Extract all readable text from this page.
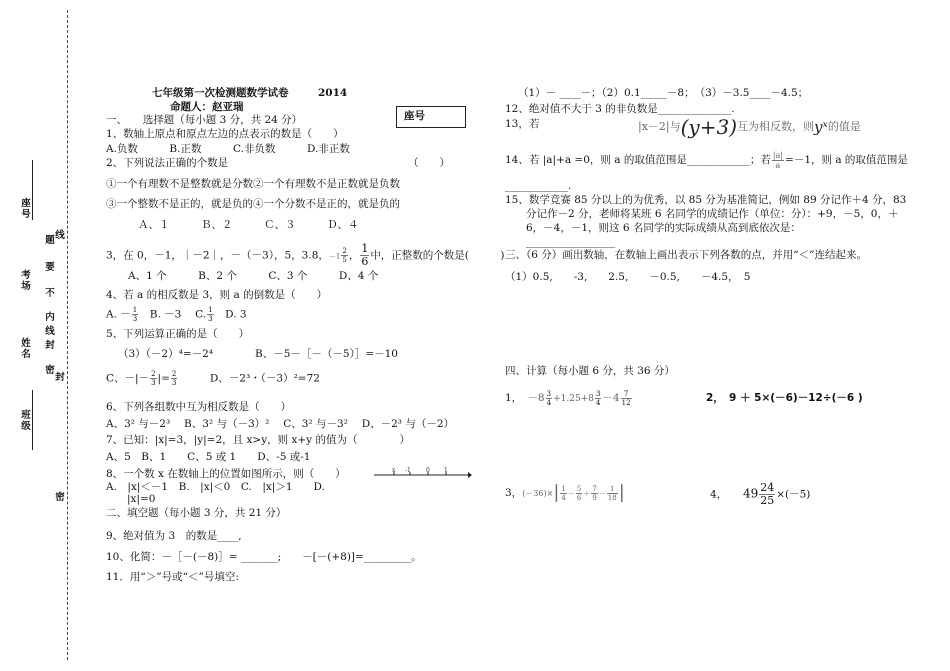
座号
考场
姓名
班级
密
封
线
题
要
不
内
线
封
密
七年级第一次检测题数学试卷	2014
命题人：赵亚瑞
座号
一、　　选择题（每小题 3 分，共 24 分）
1、数轴上原点和原点左边的点表示的数是（　　）
A.负数　　　B.正数　　　C.非负数　　　D.非正数
2、下列说法正确的个数是	（　　）
①一个有理数不是整数就是分数②一个有理数不是正数就是负数
③一个整数不是正的，就是负的④一个分数不是正的，就是负的
Ａ、１　　　Ｂ、２　　　Ｃ、３　　　Ｄ、４
3，在 0，－1，｜－2｜，－（－3），5，3.8，$-1 \frac{2}{5}$ ， $\frac{1}{6}$ 中，正整数的个数是(　　　)
A、1 个　　　B、2 个　　　C、3 个　　　D、4 个
4、若 a 的相反数是 3，则 a 的倒数是（　　）
A. － $\frac{1}{3}$ 　B. －3　 C. $\frac{1}{3}$ 　D. 3
5、下列运算正确的是（　　）
（3）（－2）⁴=－2⁴　　　　B、－5－［－（－5）］=－10
C、－|－ $\frac{2}{3}$ |= $\frac{2}{3}$ 　　　D、－2³・（－3）²=72
6、下列各组数中互为相反数是（　　）
A、3² 与－2³　 B、3² 与（－3）²　 C、3² 与－3²　 D、－2³ 与（－2）
7、已知：|x|=3，|y|=2，且 x>y，则 x+y 的值为（　　　　）
A、5　B、1　　C、5 或 1　　D、-5 或-1
8、一个数 x 在数轴上的位置如图所示，则（　　）	x -1	0 1
A.　|x|＜－1　B.　|x|＜0　C.　|x|＞1　　D.
　　|x|=0
二、填空题（每小题 3 分，共 21 分）
9、绝对值为 3　的数是____,
10、化简：－［－(－8)］= _______;　　－[－(+8)]=_________。
11．用“＞”号或“＜”号填空:
（1）－ ____－；（2）0.1_____－8；　（3）－3.5____－4.5；
12、绝对值不大于 3 的非负数是______________.
13，若	|x－2|与(y+3)互为相反数，则yˣ的值是
14、若 |a|+a =0，则 a 的取值范围是____________；若 $\frac{|a|}{a} =-1$，则 a 的取值范围是
____________.
15、数学竞赛 85 分以上的为优秀，以 85 分为基准简记，例如 89 分记作＋4 分，83
　　分记作－2 分，老师将某班 6 名同学的成绩记作（单位：分）：+9，－5，0，＋
　　6，－4，－1，则这 6 名同学的实际成绩从高到底依次是：
　　_________________
三、（6 分）画出数轴，在数轴上画出表示下列各数的点，并用“＜”连结起来。
（1）0.5,　　-3,　　2.5,　　－0.5,　　－4.5，　5
四、计算（每小题 6 分，共 36 分）
1，　 $-8 \frac{3}{4} +1.25+8 \frac{3}{4} -4 \frac{7}{12}$	2，　9 ＋ 5×(－6)－12÷(－6 )
3，$(-36)\times| \frac{1}{4} - \frac{5}{6} + \frac{7}{9} - \frac{1}{18}$ |	4，　　 $49 \frac{24}{25} \times(-5)$
